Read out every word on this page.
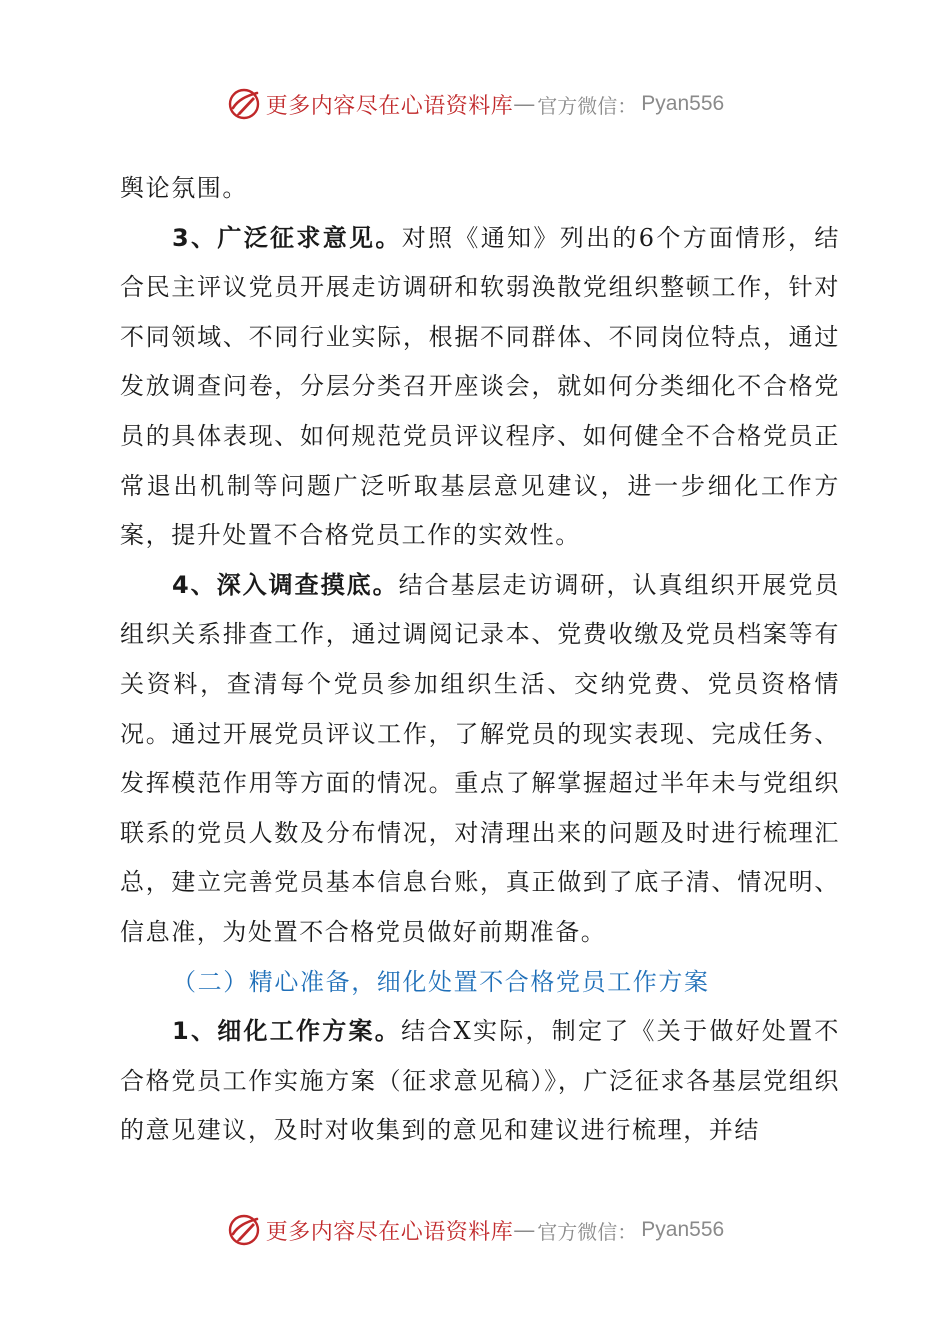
更多内容尽在心语资料库 — 官方微信： Pyan556

舆论氛围。

3、广泛征求意见。对照《通知》列出的6个方面情形，结合民主评议党员开展走访调研和软弱涣散党组织整顿工作，针对不同领域、不同行业实际，根据不同群体、不同岗位特点，通过发放调查问卷，分层分类召开座谈会，就如何分类细化不合格党员的具体表现、如何规范党员评议程序、如何健全不合格党员正常退出机制等问题广泛听取基层意见建议，进一步细化工作方案，提升处置不合格党员工作的实效性。

4、深入调查摸底。结合基层走访调研，认真组织开展党员组织关系排查工作，通过调阅记录本、党费收缴及党员档案等有关资料，查清每个党员参加组织生活、交纳党费、党员资格情况。通过开展党员评议工作，了解党员的现实表现、完成任务、发挥模范作用等方面的情况。重点了解掌握超过半年未与党组织联系的党员人数及分布情况，对清理出来的问题及时进行梳理汇总，建立完善党员基本信息台账，真正做到了底子清、情况明、信息准，为处置不合格党员做好前期准备。

（二）精心准备，细化处置不合格党员工作方案

1、细化工作方案。结合X实际，制定了《关于做好处置不合格党员工作实施方案（征求意见稿）》，广泛征求各基层党组织的意见建议，及时对收集到的意见和建议进行梳理，并结

更多内容尽在心语资料库 — 官方微信： Pyan556
